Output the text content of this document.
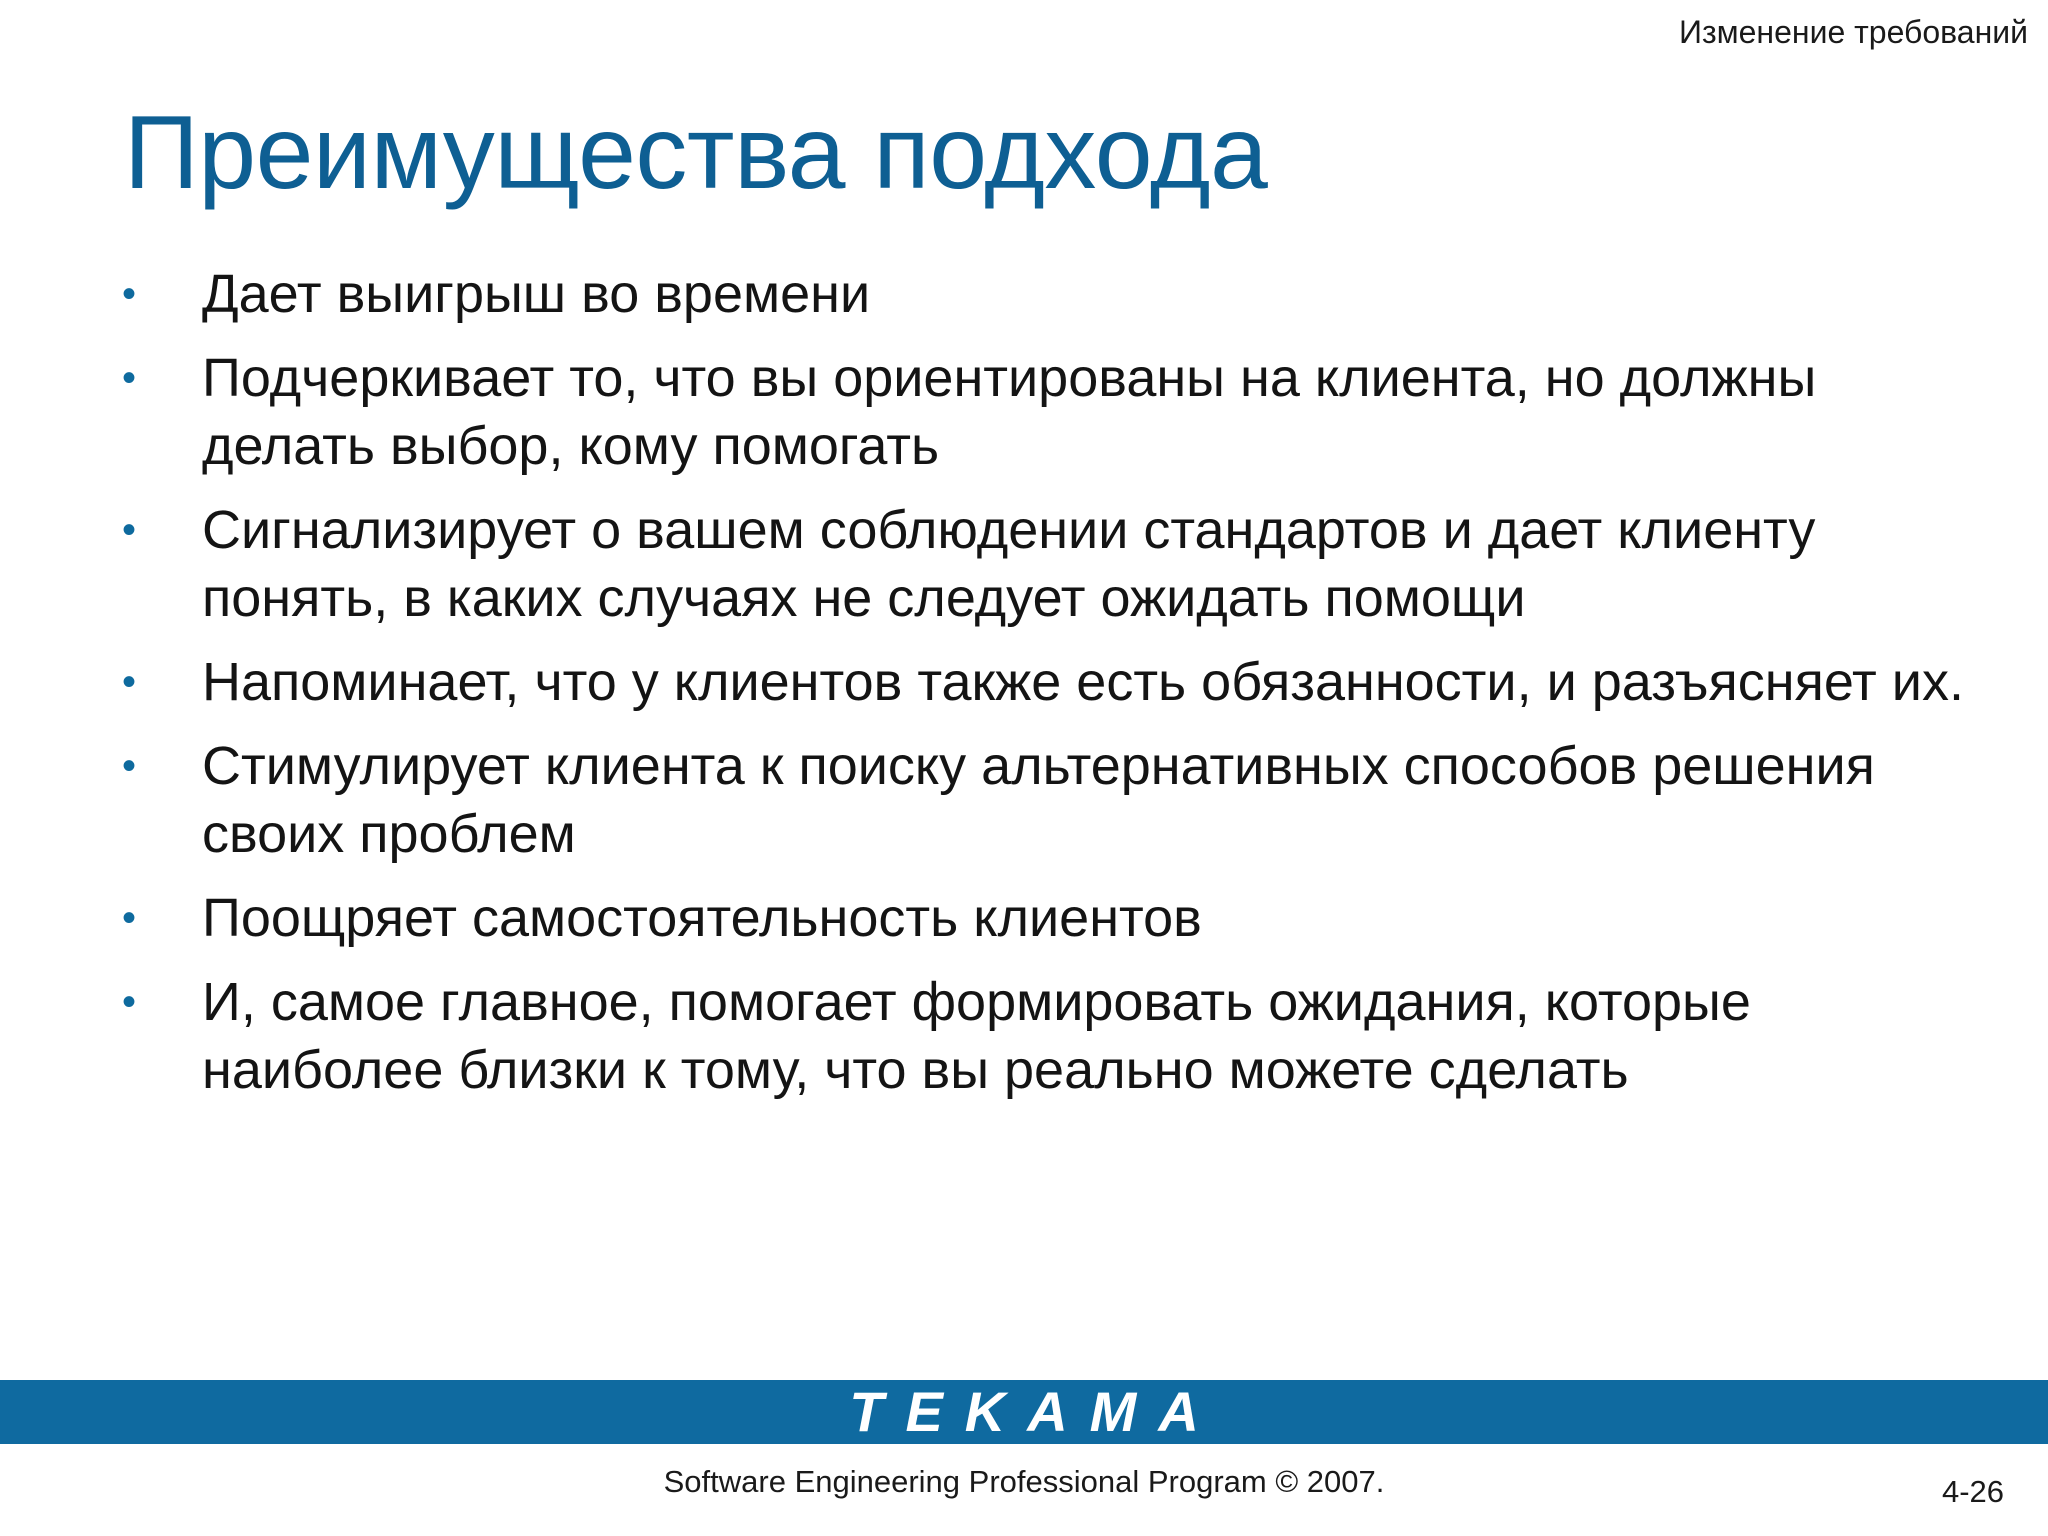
Изменение требований
Преимущества подхода
•	Дает выигрыш во времени
•	Подчеркивает то, что вы ориентированы на клиента, но должны делать выбор, кому помогать
•	Сигнализирует о вашем соблюдении стандартов и дает клиенту понять, в каких случаях не следует ожидать помощи
•	Напоминает, что у клиентов также есть обязанности, и разъясняет их.
•	Стимулирует клиента к поиску альтернативных способов решения своих проблем
•	Поощряет самостоятельность клиентов
•	И, самое главное, помогает формировать ожидания, которые наиболее близки к тому, что вы реально можете сделать
TEKAMA
Software Engineering Professional Program © 2007.	4-26
